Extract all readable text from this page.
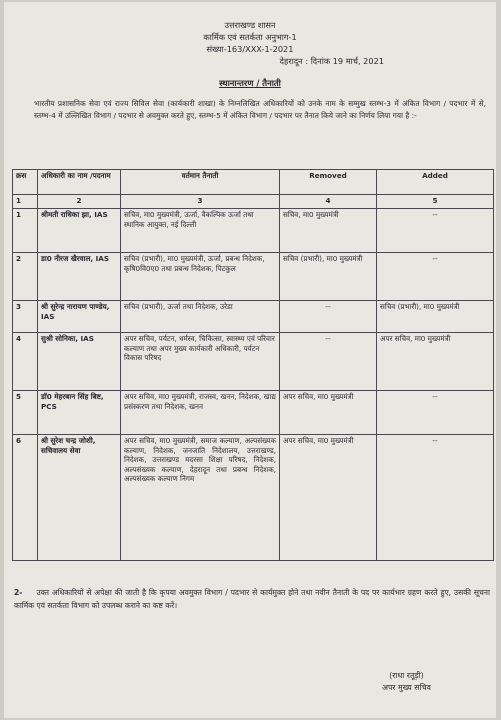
उत्तराखण्ड शासन
कार्मिक एवं सतर्कता अनुभाग-1
संख्या-163/XXX-1-2021
देहरादून : दिनांक 19 मार्च, 2021
स्थानान्तरण / तैनाती
भारतीय प्रशासनिक सेवा एवं राज्य सिविल सेवा (कार्यकारी शाखा) के निम्नलिखित अधिकारियों को उनके नाम के सम्मुख स्तम्भ-3 में अंकित विभाग / पदभार में से, स्तम्भ-4 में उल्लिखित विभाग / पदभार से अवमुक्त करते हुए, स्तम्भ-5 में अंकित विभाग / पदभार पर तैनात किये जाने का निर्णय लिया गया है :-
क्रस	अधिकारी का नाम /पदनाम	वर्तमान तैनाती	Removed	Added
1	2	3	4	5
1	श्रीमती राधिका झा, IAS	सचिव, मा0 मुख्यमंत्री, ऊर्जा, वैकल्पिक ऊर्जा तथा स्थानिक आयुक्त, नई दिल्ली	सचिव, मा0 मुख्यमंत्री	--
2	डा0 नीरज खैरवाल, IAS	सचिव (प्रभारी), मा0 मुख्यमंत्री, ऊर्जा, प्रबन्ध निदेशक, कृषि0वि0ए0 तथा प्रबन्ध निदेशक, पिटकुल	सचिव (प्रभारी), मा0 मुख्यमंत्री	--
3	श्री सुरेन्द्र नारायण पाण्डेय, IAS	सचिव (प्रभारी), ऊर्जा तथा निदेशक, उरेडा	--	सचिव (प्रभारी), मा0 मुख्यमंत्री
4	सुश्री सोनिका, IAS	अपर सचिव, पर्यटन, धर्मस्व, चिकित्सा, स्वास्थ्य एवं परिवार कल्याण तथा अपर मुख्य कार्यकारी अधिकारी, पर्यटन विकास परिषद	--	अपर सचिव, मा0 मुख्यमंत्री
5	डॉ0 मेहरबान सिंह बिष्ट, PCS	अपर सचिव, मा0 मुख्यमंत्री, राजस्व, खनन, निदेशक, खाद्य प्रसंस्करण तथा निदेशक, खनन	अपर सचिव, मा0 मुख्यमंत्री	--
6	श्री सुरेश चन्द्र जोशी, सचिवालय सेवा	अपर सचिव, मा0 मुख्यमंत्री, समाज कल्याण, अल्पसंख्यक कल्याण, निदेशक, जनजाति निदेशालय, उत्तराखण्ड, निदेशक, उत्तराखण्ड मदरसा शिक्षा परिषद, निदेशक, अल्पसंख्यक कल्याण, देहरादून तथा प्रबन्ध निदेशक, अल्पसंख्यक कल्याण निगम	अपर सचिव, मा0 मुख्यमंत्री	--
2- उक्त अधिकारियों से अपेक्षा की जाती है कि कृपया अवमुक्त विभाग / पदभार से कार्यमुक्त होने तथा नवीन तैनाती के पद पर कार्यभार ग्रहण करते हुए, उसकी सूचना कार्मिक एवं सतर्कता विभाग को उपलब्ध कराने का कष्ट करें।
(राधा रतूड़ी)
अपर मुख्य सचिव
